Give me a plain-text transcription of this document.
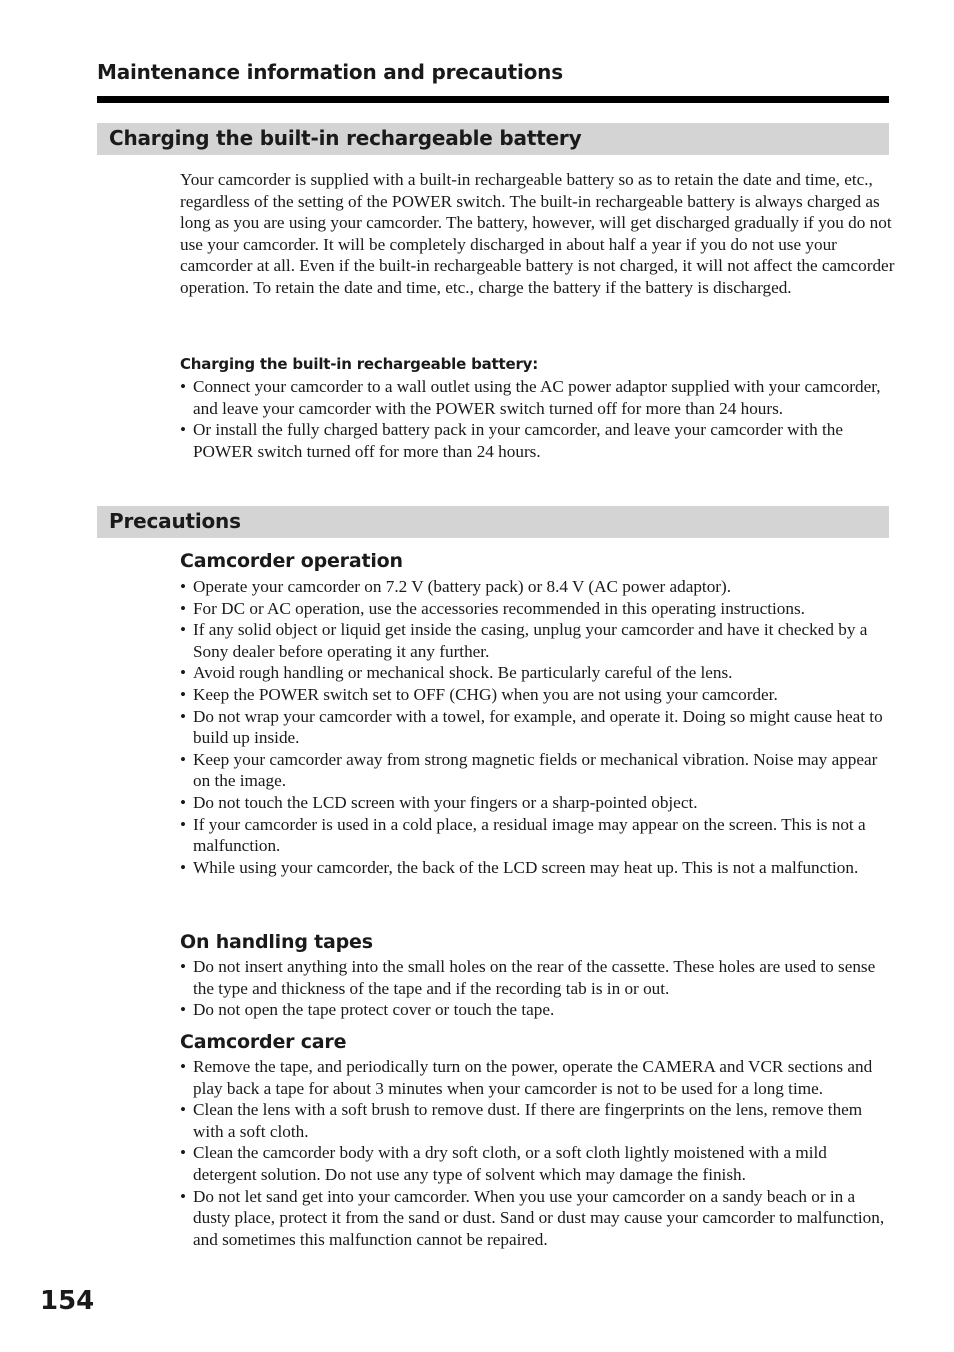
Maintenance information and precautions
Charging the built-in rechargeable battery

Your camcorder is supplied with a built-in rechargeable battery so as to retain the date and time, etc., regardless of the setting of the POWER switch. The built-in rechargeable battery is always charged as long as you are using your camcorder. The battery, however, will get discharged gradually if you do not use your camcorder. It will be completely discharged in about half a year if you do not use your camcorder at all. Even if the built-in rechargeable battery is not charged, it will not affect the camcorder operation. To retain the date and time, etc., charge the battery if the battery is discharged.

Charging the built-in rechargeable battery:
• Connect your camcorder to a wall outlet using the AC power adaptor supplied with your camcorder, and leave your camcorder with the POWER switch turned off for more than 24 hours.
• Or install the fully charged battery pack in your camcorder, and leave your camcorder with the POWER switch turned off for more than 24 hours.
Precautions
Camcorder operation
• Operate your camcorder on 7.2 V (battery pack) or 8.4 V (AC power adaptor).
• For DC or AC operation, use the accessories recommended in this operating instructions.
• If any solid object or liquid get inside the casing, unplug your camcorder and have it checked by a Sony dealer before operating it any further.
• Avoid rough handling or mechanical shock. Be particularly careful of the lens.
• Keep the POWER switch set to OFF (CHG) when you are not using your camcorder.
• Do not wrap your camcorder with a towel, for example, and operate it. Doing so might cause heat to build up inside.
• Keep your camcorder away from strong magnetic fields or mechanical vibration. Noise may appear on the image.
• Do not touch the LCD screen with your fingers or a sharp-pointed object.
• If your camcorder is used in a cold place, a residual image may appear on the screen. This is not a malfunction.
• While using your camcorder, the back of the LCD screen may heat up. This is not a malfunction.
On handling tapes
• Do not insert anything into the small holes on the rear of the cassette. These holes are used to sense the type and thickness of the tape and if the recording tab is in or out.
• Do not open the tape protect cover or touch the tape.
Camcorder care
• Remove the tape, and periodically turn on the power, operate the CAMERA and VCR sections and play back a tape for about 3 minutes when your camcorder is not to be used for a long time.
• Clean the lens with a soft brush to remove dust. If there are fingerprints on the lens, remove them with a soft cloth.
• Clean the camcorder body with a dry soft cloth, or a soft cloth lightly moistened with a mild detergent solution. Do not use any type of solvent which may damage the finish.
• Do not let sand get into your camcorder. When you use your camcorder on a sandy beach or in a dusty place, protect it from the sand or dust. Sand or dust may cause your camcorder to malfunction, and sometimes this malfunction cannot be repaired.
154
